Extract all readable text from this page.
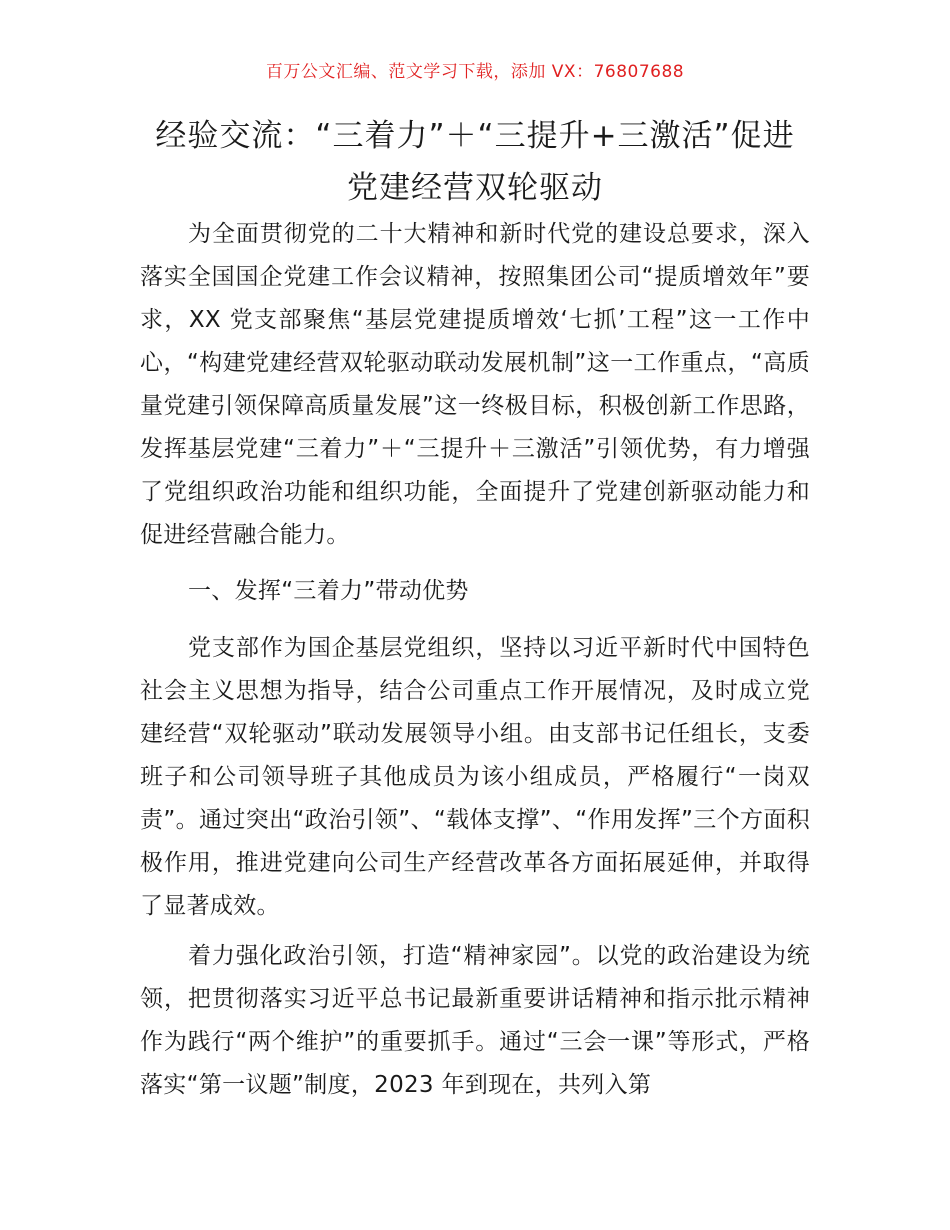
百万公文汇编、范文学习下载，添加 VX：76807688
经验交流：“三着力”＋“三提升+三激活”促进党建经营双轮驱动

为全面贯彻党的二十大精神和新时代党的建设总要求，深入落实全国国企党建工作会议精神，按照集团公司“提质增效年”要求，XX 党支部聚焦“基层党建提质增效‘七抓’工程”这一工作中心，“构建党建经营双轮驱动联动发展机制”这一工作重点，“高质量党建引领保障高质量发展”这一终极目标，积极创新工作思路，发挥基层党建“三着力”＋“三提升＋三激活”引领优势，有力增强了党组织政治功能和组织功能，全面提升了党建创新驱动能力和促进经营融合能力。

一、发挥“三着力”带动优势

党支部作为国企基层党组织，坚持以习近平新时代中国特色社会主义思想为指导，结合公司重点工作开展情况，及时成立党建经营“双轮驱动”联动发展领导小组。由支部书记任组长，支委班子和公司领导班子其他成员为该小组成员，严格履行“一岗双责”。通过突出“政治引领”、“载体支撑”、“作用发挥”三个方面积极作用，推进党建向公司生产经营改革各方面拓展延伸，并取得了显著成效。

着力强化政治引领，打造“精神家园”。以党的政治建设为统领，把贯彻落实习近平总书记最新重要讲话精神和指示批示精神作为践行“两个维护”的重要抓手。通过“三会一课”等形式，严格落实“第一议题”制度，2023 年到现在，共列入第
